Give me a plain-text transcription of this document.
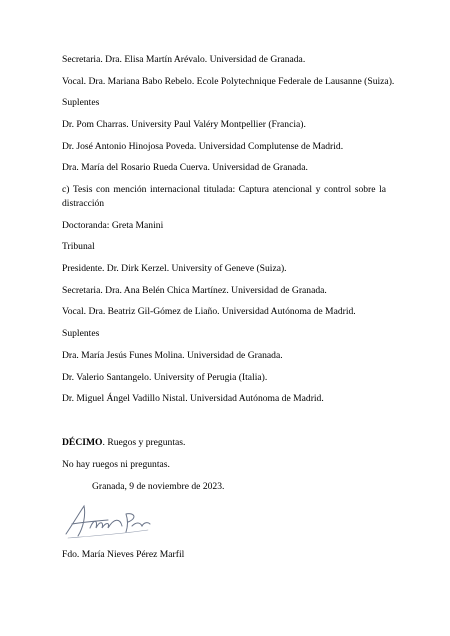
Secretaria. Dra. Elisa Martín Arévalo. Universidad de Granada.
Vocal. Dra. Mariana Babo Rebelo. Ecole Polytechnique Federale de Lausanne (Suiza).
Suplentes
Dr. Pom Charras. University Paul Valéry Montpellier (Francia).
Dr. José Antonio Hinojosa Poveda. Universidad Complutense de Madrid.
Dra. María del Rosario Rueda Cuerva. Universidad de Granada.
c) Tesis con mención internacional titulada: Captura atencional y control sobre la
distracción
Doctoranda: Greta Manini
Tribunal
Presidente. Dr. Dirk Kerzel. University of Geneve (Suiza).
Secretaria. Dra. Ana Belén Chica Martínez. Universidad de Granada.
Vocal. Dra. Beatriz Gil-Gómez de Liaño. Universidad Autónoma de Madrid.
Suplentes
Dra. María Jesús Funes Molina. Universidad de Granada.
Dr. Valerio Santangelo. University of Perugia (Italia).
Dr. Miguel Ángel Vadillo Nistal. Universidad Autónoma de Madrid.
DÉCIMO. Ruegos y preguntas.
No hay ruegos ni preguntas.
Granada, 9 de noviembre de 2023.
Fdo. María Nieves Pérez Marfil
